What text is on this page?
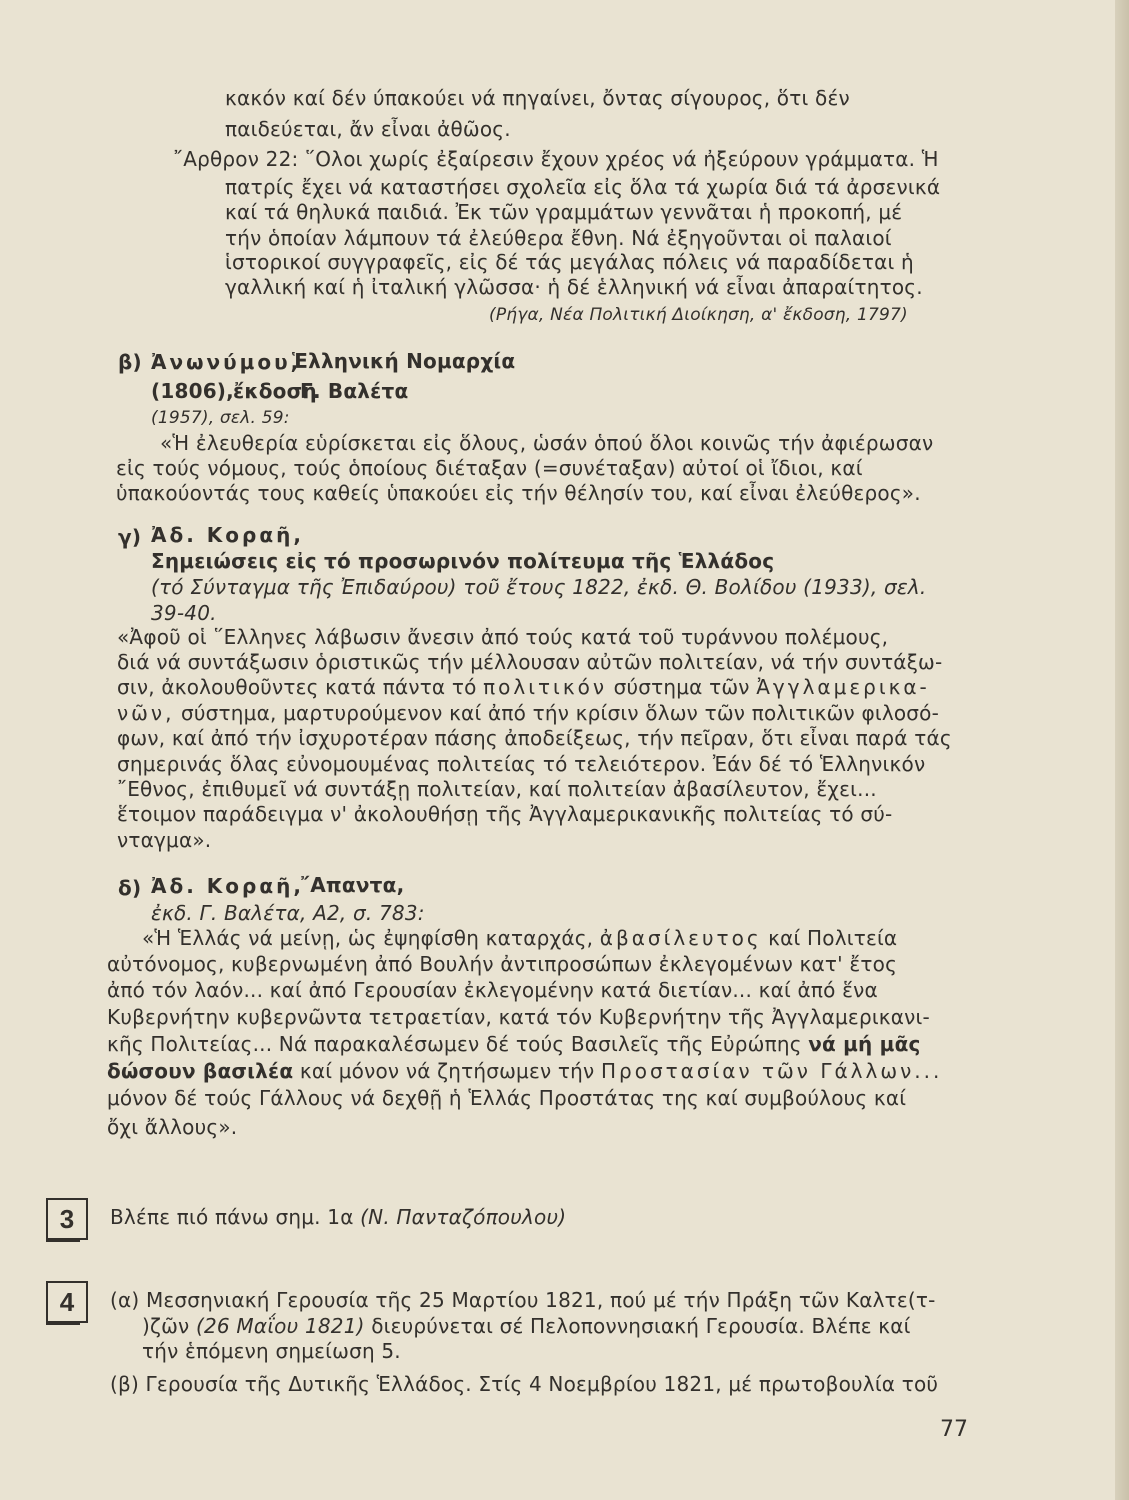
κακόν καί δέν ύπακούει νά πηγαίνει, ὄντας σίγουρος, ὅτι δέν
παιδεύεται, ἄν εἶναι ἀθῶος.
῎Αρθρον 22: ῞Ολοι χωρίς ἐξαίρεσιν ἔχουν χρέος νά ἠξεύρουν γράμματα. Ἡ
πατρίς ἔχει νά καταστήσει σχολεῖα εἰς ὅλα τά χωρία διά τά ἀρσενικά
καί τά θηλυκά παιδιά. Ἐκ τῶν γραμμάτων γεννᾶται ἡ προκοπή, μέ
τήν ὁποίαν λάμπουν τά ἐλεύθερα ἔθνη. Νά ἐξηγοῦνται οἱ παλαιοί
ἱστορικοί συγγραφεῖς, εἰς δέ τάς μεγάλας πόλεις νά παραδίδεται ἡ
γαλλική καί ἡ ἰταλική γλῶσσα· ἡ δέ ἑλληνική νά εἶναι ἀπαραίτητος.
(Ρήγα, Νέα Πολιτική Διοίκηση, α' ἔκδοση, 1797)
β) Ἀνωνύμου,
Ἑλληνική Νομαρχία
(1806), ἔκδοση
Γ. Βαλέτα
(1957), σελ. 59:
«Ἡ ἐλευθερία εὑρίσκεται εἰς ὅλους, ὡσάν ὁπού ὅλοι κοινῶς τήν ἀφιέρωσαν
εἰς τούς νόμους, τούς ὁποίους διέταξαν (=συνέταξαν) αὐτοί οἱ ἴδιοι, καί
ὑπακούοντάς τους καθείς ὑπακούει εἰς τήν θέλησίν του, καί εἶναι ἐλεύθερος».
γ) Ἀδ. Κοραῆ,
Σημειώσεις εἰς τό προσωρινόν πολίτευμα τῆς Ἑλλάδος
(τό Σύνταγμα τῆς Ἐπιδαύρου) τοῦ ἔτους 1822, ἐκδ. Θ. Βολίδου (1933), σελ.
39-40.
«Ἀφοῦ οἱ ῞Ελληνες λάβωσιν ἄνεσιν ἀπό τούς κατά τοῦ τυράννου πολέμους,
διά νά συντάξωσιν ὁριστικῶς τήν μέλλουσαν αὐτῶν πολιτείαν, νά τήν συντάξω-
σιν, ἀκολουθοῦντες κατά πάντα τό πολιτικόν σύστημα τῶν Ἀγγλαμερικα-
νῶν, σύστημα, μαρτυρούμενον καί ἀπό τήν κρίσιν ὅλων τῶν πολιτικῶν φιλοσό-
φων, καί ἀπό τήν ἰσχυροτέραν πάσης ἀποδείξεως, τήν πεῖραν, ὅτι εἶναι παρά τάς
σημερινάς ὅλας εὐνομουμένας πολιτείας τό τελειότερον. Ἐάν δέ τό Ἑλληνικόν
῎Εθνος, ἐπιθυμεῖ νά συντάξῃ πολιτείαν, καί πολιτείαν ἀβασίλευτον, ἔχει...
ἕτοιμον παράδειγμα ν' ἀκολουθήσῃ τῆς Ἀγγλαμερικανικῆς πολιτείας τό σύ-
νταγμα».
δ) Ἀδ. Κοραῆ,
῎Απαντα,
ἐκδ. Γ. Βαλέτα, Α2, σ. 783:
«Ἡ Ἑλλάς νά μείνῃ, ὡς ἐψηφίσθη καταρχάς, ἀβασίλευτος καί Πολιτεία
αὐτόνομος, κυβερνωμένη ἀπό Βουλήν ἀντιπροσώπων ἐκλεγομένων κατ' ἔτος
ἀπό τόν λαόν... καί ἀπό Γερουσίαν ἐκλεγομένην κατά διετίαν... καί ἀπό ἕνα
Κυβερνήτην κυβερνῶντα τετραετίαν, κατά τόν Κυβερνήτην τῆς Ἀγγλαμερικανι-
κῆς Πολιτείας... Νά παρακαλέσωμεν δέ τούς Βασιλεῖς τῆς Εὐρώπης νά μή μᾶς
δώσουν βασιλέα καί μόνον νά ζητήσωμεν τήν Προστασίαν τῶν Γάλλων...
μόνον δέ τούς Γάλλους νά δεχθῇ ἡ Ἑλλάς Προστάτας της καί συμβούλους καί
ὄχι ἄλλους».
3	Βλέπε πιό πάνω σημ. 1α (Ν. Πανταζόπουλου)
4	(α) Μεσσηνιακή Γερουσία τῆς 25 Μαρτίου 1821, πού μέ τήν Πράξη τῶν Καλτε(τ-
)ζῶν (26 Μαΐου 1821) διευρύνεται σέ Πελοποννησιακή Γερουσία. Βλέπε καί
τήν ἑπόμενη σημείωση 5.
(β) Γερουσία τῆς Δυτικῆς Ἑλλάδος. Στίς 4 Νοεμβρίου 1821, μέ πρωτοβουλία τοῦ
77
